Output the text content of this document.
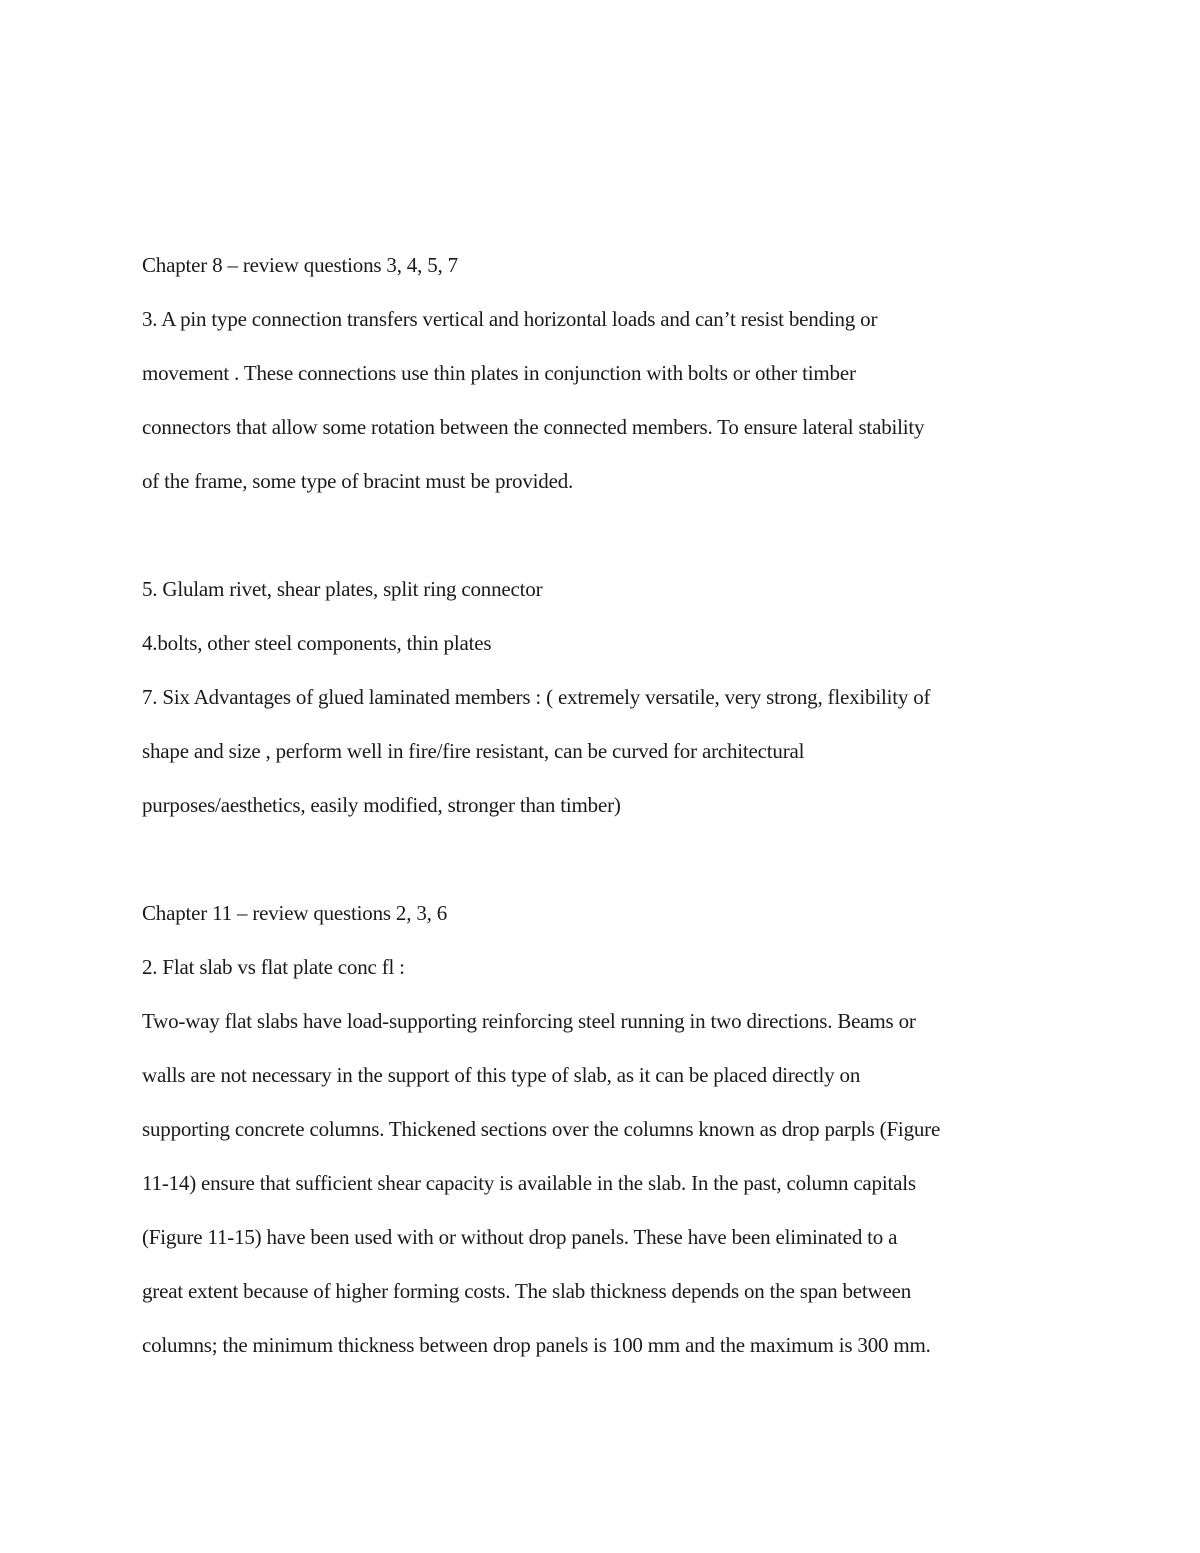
Chapter 8 – review questions 3, 4, 5, 7

3. A pin type connection transfers vertical and horizontal loads and can’t resist bending or

movement . These connections use thin plates in conjunction with bolts or other timber

connectors that allow some rotation between the connected members. To ensure lateral stability

of the frame, some type of bracint must be provided.

5. Glulam rivet, shear plates, split ring connector

4.bolts, other steel components, thin plates

7. Six Advantages of glued laminated members : ( extremely versatile, very strong, flexibility of

shape and size , perform well in fire/fire resistant, can be curved for architectural

purposes/aesthetics, easily modified, stronger than timber)

Chapter 11 – review questions 2, 3, 6

2. Flat slab vs flat plate conc fl :

Two-way flat slabs have load-supporting reinforcing steel running in two directions. Beams or

walls are not necessary in the support of this type of slab, as it can be placed directly on

supporting concrete columns. Thickened sections over the columns known as drop parpls (Figure

11-14) ensure that sufficient shear capacity is available in the slab. In the past, column capitals

(Figure 11-15) have been used with or without drop panels. These have been eliminated to a

great extent because of higher forming costs. The slab thickness depends on the span between

columns; the minimum thickness between drop panels is 100 mm and the maximum is 300 mm.
